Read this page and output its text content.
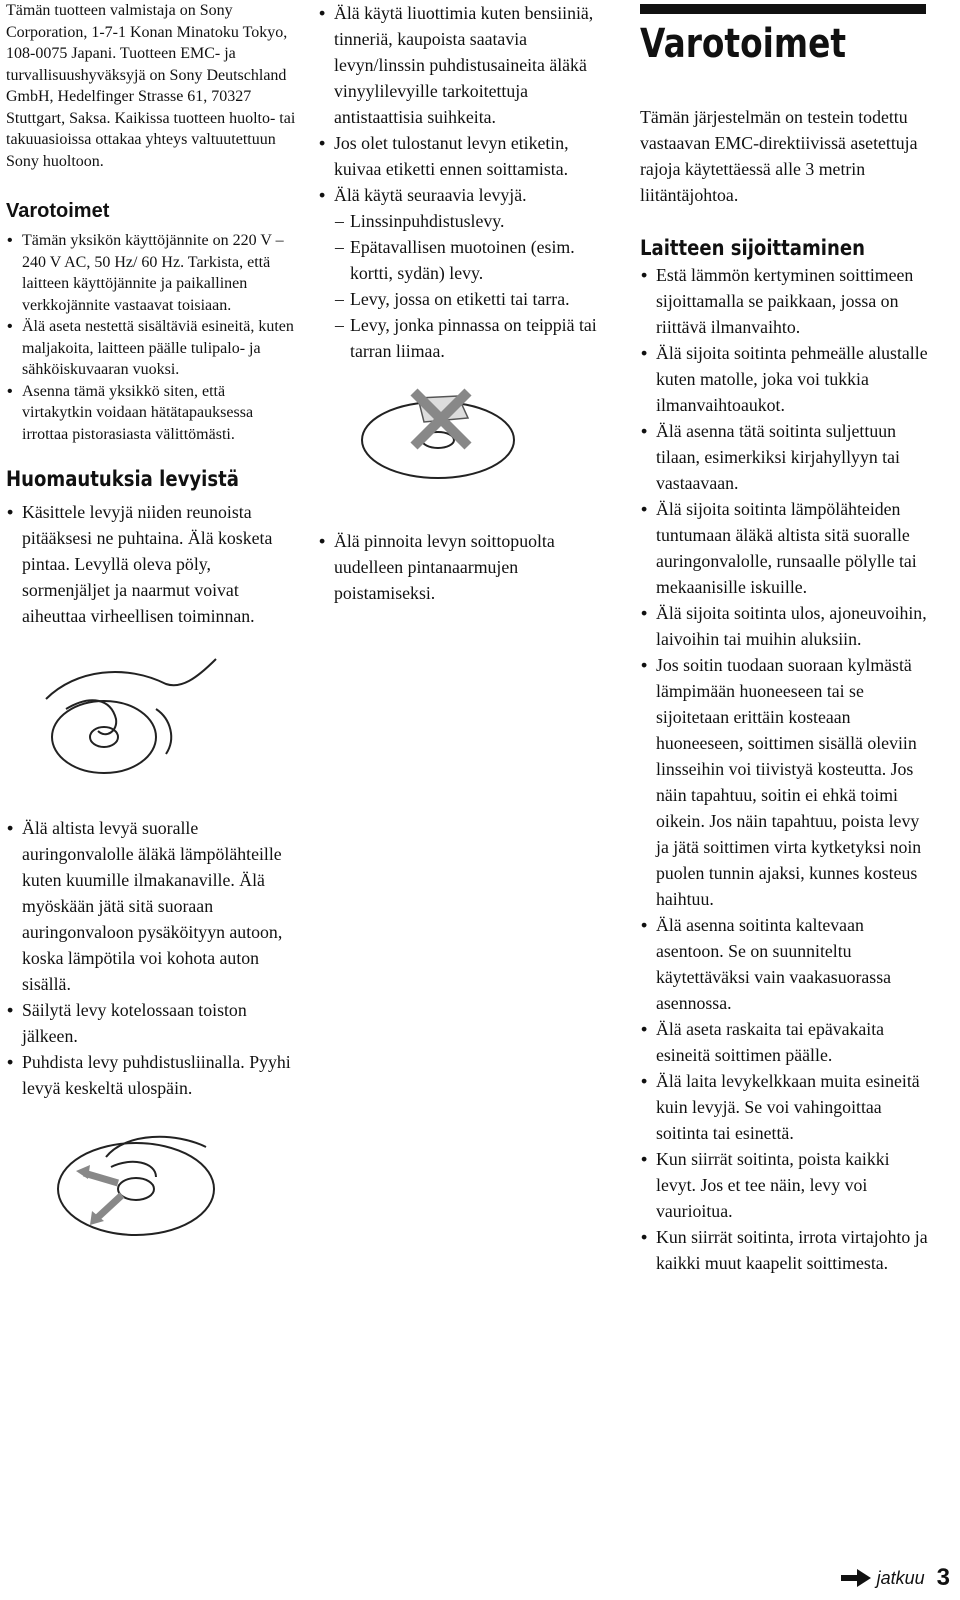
Tämän tuotteen valmistaja on Sony Corporation, 1-7-1 Konan Minatoku Tokyo, 108-0075 Japani. Tuotteen EMC- ja turvallisuushyväksyjä on Sony Deutschland GmbH, Hedelfinger Strasse 61, 70327 Stuttgart, Saksa. Kaikissa tuotteen huolto- tai takuuasioissa ottakaa yhteys valtuutettuun Sony huoltoon.

Varotoimet
• Tämän yksikön käyttöjännite on 220 V – 240 V AC, 50 Hz/ 60 Hz. Tarkista, että laitteen käyttöjännite ja paikallinen verkkojännite vastaavat toisiaan.
• Älä aseta nestettä sisältäviä esineitä, kuten maljakoita, laitteen päälle tulipalo- ja sähköiskuvaaran vuoksi.
• Asenna tämä yksikkö siten, että virtakytkin voidaan hätätapauksessa irrottaa pistorasiasta välittömästi.
Huomautuksia levyistä
• Käsittele levyjä niiden reunoista pitääksesi ne puhtaina. Älä kosketa pintaa. Levyllä oleva pöly, sormenjäljet ja naarmut voivat aiheuttaa virheellisen toiminnan.
• Älä altista levyä suoralle auringonvalolle äläkä lämpölähteille kuten kuumille ilmakanaville. Älä myöskään jätä sitä suoraan auringonvaloon pysäköityyn autoon, koska lämpötila voi kohota auton sisällä.
• Säilytä levy kotelossaan toiston jälkeen.
• Puhdista levy puhdistusliinalla. Pyyhi levyä keskeltä ulospäin.
• Älä käytä liuottimia kuten bensiiniä, tinneriä, kaupoista saatavia levyn/linssin puhdistusaineita äläkä vinyylilevyille tarkoitettuja antistaattisia suihkeita.
• Jos olet tulostanut levyn etiketin, kuivaa etiketti ennen soittamista.
• Älä käytä seuraavia levyjä.
– Linssinpuhdistuslevy.
– Epätavallisen muotoinen (esim. kortti, sydän) levy.
– Levy, jossa on etiketti tai tarra.
– Levy, jonka pinnassa on teippiä tai tarran liimaa.
• Älä pinnoita levyn soittopuolta uudelleen pintanaarmujen poistamiseksi.
Varotoimet

Tämän järjestelmän on testein todettu vastaavan EMC-direktiivissä asetettuja rajoja käytettäessä alle 3 metrin liitäntäjohtoa.

Laitteen sijoittaminen
• Estä lämmön kertyminen soittimeen sijoittamalla se paikkaan, jossa on riittävä ilmanvaihto.
• Älä sijoita soitinta pehmeälle alustalle kuten matolle, joka voi tukkia ilmanvaihtoaukot.
• Älä asenna tätä soitinta suljettuun tilaan, esimerkiksi kirjahyllyyn tai vastaavaan.
• Älä sijoita soitinta lämpölähteiden tuntumaan äläkä altista sitä suoralle auringonvalolle, runsaalle pölylle tai mekaanisille iskuille.
• Älä sijoita soitinta ulos, ajoneuvoihin, laivoihin tai muihin aluksiin.
• Jos soitin tuodaan suoraan kylmästä lämpimään huoneeseen tai se sijoitetaan erittäin kosteaan huoneeseen, soittimen sisällä oleviin linsseihin voi tiivistyä kosteutta. Jos näin tapahtuu, soitin ei ehkä toimi oikein. Jos näin tapahtuu, poista levy ja jätä soittimen virta kytketyksi noin puolen tunnin ajaksi, kunnes kosteus haihtuu.
• Älä asenna soitinta kaltevaan asentoon. Se on suunniteltu käytettäväksi vain vaakasuorassa asennossa.
• Älä aseta raskaita tai epävakaita esineitä soittimen päälle.
• Älä laita levykelkkaan muita esineitä kuin levyjä. Se voi vahingoittaa soitinta tai esinettä.
• Kun siirrät soitinta, poista kaikki levyt. Jos et tee näin, levy voi vaurioitua.
• Kun siirrät soitinta, irrota virtajohto ja kaikki muut kaapelit soittimesta.
jatkuu 3
